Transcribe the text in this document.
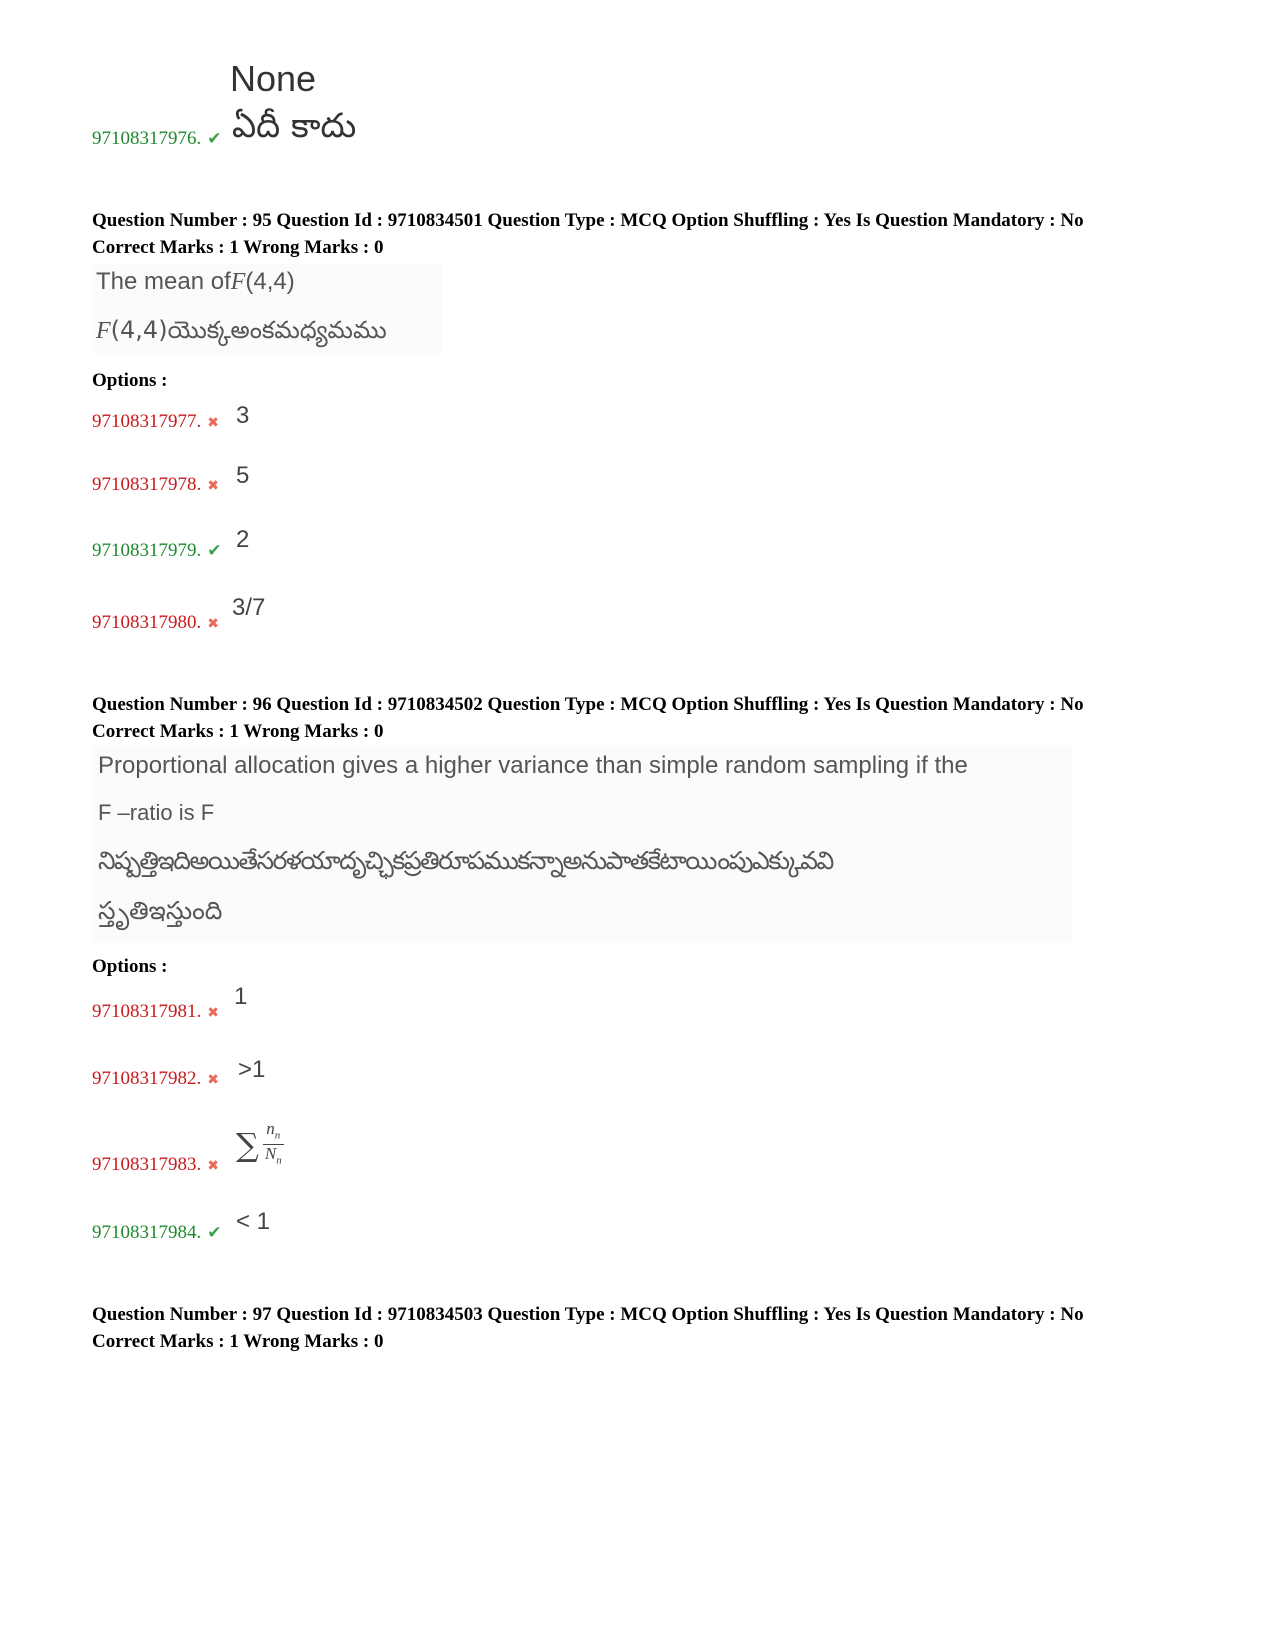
None
ఏదీ కాదు
97108317976. ✔
Question Number : 95 Question Id : 9710834501 Question Type : MCQ Option Shuffling : Yes Is Question Mandatory : No
Correct Marks : 1 Wrong Marks : 0
The mean ofF(4,4)
F(4,4)యొక్కఅంకమధ్యమము
Options :
97108317977. ✖ 3
97108317978. ✖ 5
97108317979. ✔ 2
97108317980. ✖
3/7
Question Number : 96 Question Id : 9710834502 Question Type : MCQ Option Shuffling : Yes Is Question Mandatory : No
Correct Marks : 1 Wrong Marks : 0
Proportional allocation gives a higher variance than simple random sampling if the
F –ratio is F
నిష్పత్తిఇదిఅయితేసరళయాదృచ్ఛికప్రతిరూపముకన్నాఅనుపాతకేటాయింపుఎక్కువవి
స్తృతిఇస్తుంది
Options :
97108317981. ✖
1
97108317982. ✖ >1
97108317983. ✖
∑ $\frac{n_n}{N_n}$
97108317984. ✔ < 1
Question Number : 97 Question Id : 9710834503 Question Type : MCQ Option Shuffling : Yes Is Question Mandatory : No
Correct Marks : 1 Wrong Marks : 0
